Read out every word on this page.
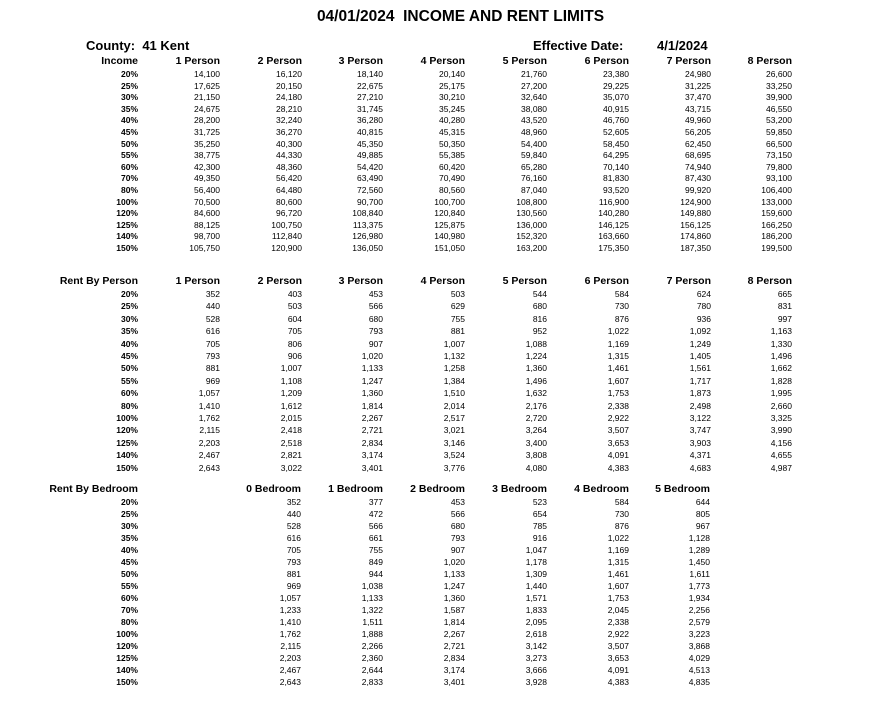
04/01/2024  INCOME AND RENT LIMITS
County:  41 Kent	Effective Date:	4/1/2024
Income	1 Person	2 Person	3 Person	4 Person	5 Person	6 Person	7 Person	8 Person
20%	14,100	16,120	18,140	20,140	21,760	23,380	24,980	26,600
25%	17,625	20,150	22,675	25,175	27,200	29,225	31,225	33,250
30%	21,150	24,180	27,210	30,210	32,640	35,070	37,470	39,900
35%	24,675	28,210	31,745	35,245	38,080	40,915	43,715	46,550
40%	28,200	32,240	36,280	40,280	43,520	46,760	49,960	53,200
45%	31,725	36,270	40,815	45,315	48,960	52,605	56,205	59,850
50%	35,250	40,300	45,350	50,350	54,400	58,450	62,450	66,500
55%	38,775	44,330	49,885	55,385	59,840	64,295	68,695	73,150
60%	42,300	48,360	54,420	60,420	65,280	70,140	74,940	79,800
70%	49,350	56,420	63,490	70,490	76,160	81,830	87,430	93,100
80%	56,400	64,480	72,560	80,560	87,040	93,520	99,920	106,400
100%	70,500	80,600	90,700	100,700	108,800	116,900	124,900	133,000
120%	84,600	96,720	108,840	120,840	130,560	140,280	149,880	159,600
125%	88,125	100,750	113,375	125,875	136,000	146,125	156,125	166,250
140%	98,700	112,840	126,980	140,980	152,320	163,660	174,860	186,200
150%	105,750	120,900	136,050	151,050	163,200	175,350	187,350	199,500
Rent By Person	1 Person	2 Person	3 Person	4 Person	5 Person	6 Person	7 Person	8 Person
20%	352	403	453	503	544	584	624	665
25%	440	503	566	629	680	730	780	831
30%	528	604	680	755	816	876	936	997
35%	616	705	793	881	952	1,022	1,092	1,163
40%	705	806	907	1,007	1,088	1,169	1,249	1,330
45%	793	906	1,020	1,132	1,224	1,315	1,405	1,496
50%	881	1,007	1,133	1,258	1,360	1,461	1,561	1,662
55%	969	1,108	1,247	1,384	1,496	1,607	1,717	1,828
60%	1,057	1,209	1,360	1,510	1,632	1,753	1,873	1,995
80%	1,410	1,612	1,814	2,014	2,176	2,338	2,498	2,660
100%	1,762	2,015	2,267	2,517	2,720	2,922	3,122	3,325
120%	2,115	2,418	2,721	3,021	3,264	3,507	3,747	3,990
125%	2,203	2,518	2,834	3,146	3,400	3,653	3,903	4,156
140%	2,467	2,821	3,174	3,524	3,808	4,091	4,371	4,655
150%	2,643	3,022	3,401	3,776	4,080	4,383	4,683	4,987
Rent By Bedroom	0 Bedroom	1 Bedroom	2 Bedroom	3 Bedroom	4 Bedroom 5 Bedroom
20%	352	377	453	523	584	644
25%	440	472	566	654	730	805
30%	528	566	680	785	876	967
35%	616	661	793	916	1,022	1,128
40%	705	755	907	1,047	1,169	1,289
45%	793	849	1,020	1,178	1,315	1,450
50%	881	944	1,133	1,309	1,461	1,611
55%	969	1,038	1,247	1,440	1,607	1,773
60%	1,057	1,133	1,360	1,571	1,753	1,934
70%	1,233	1,322	1,587	1,833	2,045	2,256
80%	1,410	1,511	1,814	2,095	2,338	2,579
100%	1,762	1,888	2,267	2,618	2,922	3,223
120%	2,115	2,266	2,721	3,142	3,507	3,868
125%	2,203	2,360	2,834	3,273	3,653	4,029
140%	2,467	2,644	3,174	3,666	4,091	4,513
150%	2,643	2,833	3,401	3,928	4,383	4,835
